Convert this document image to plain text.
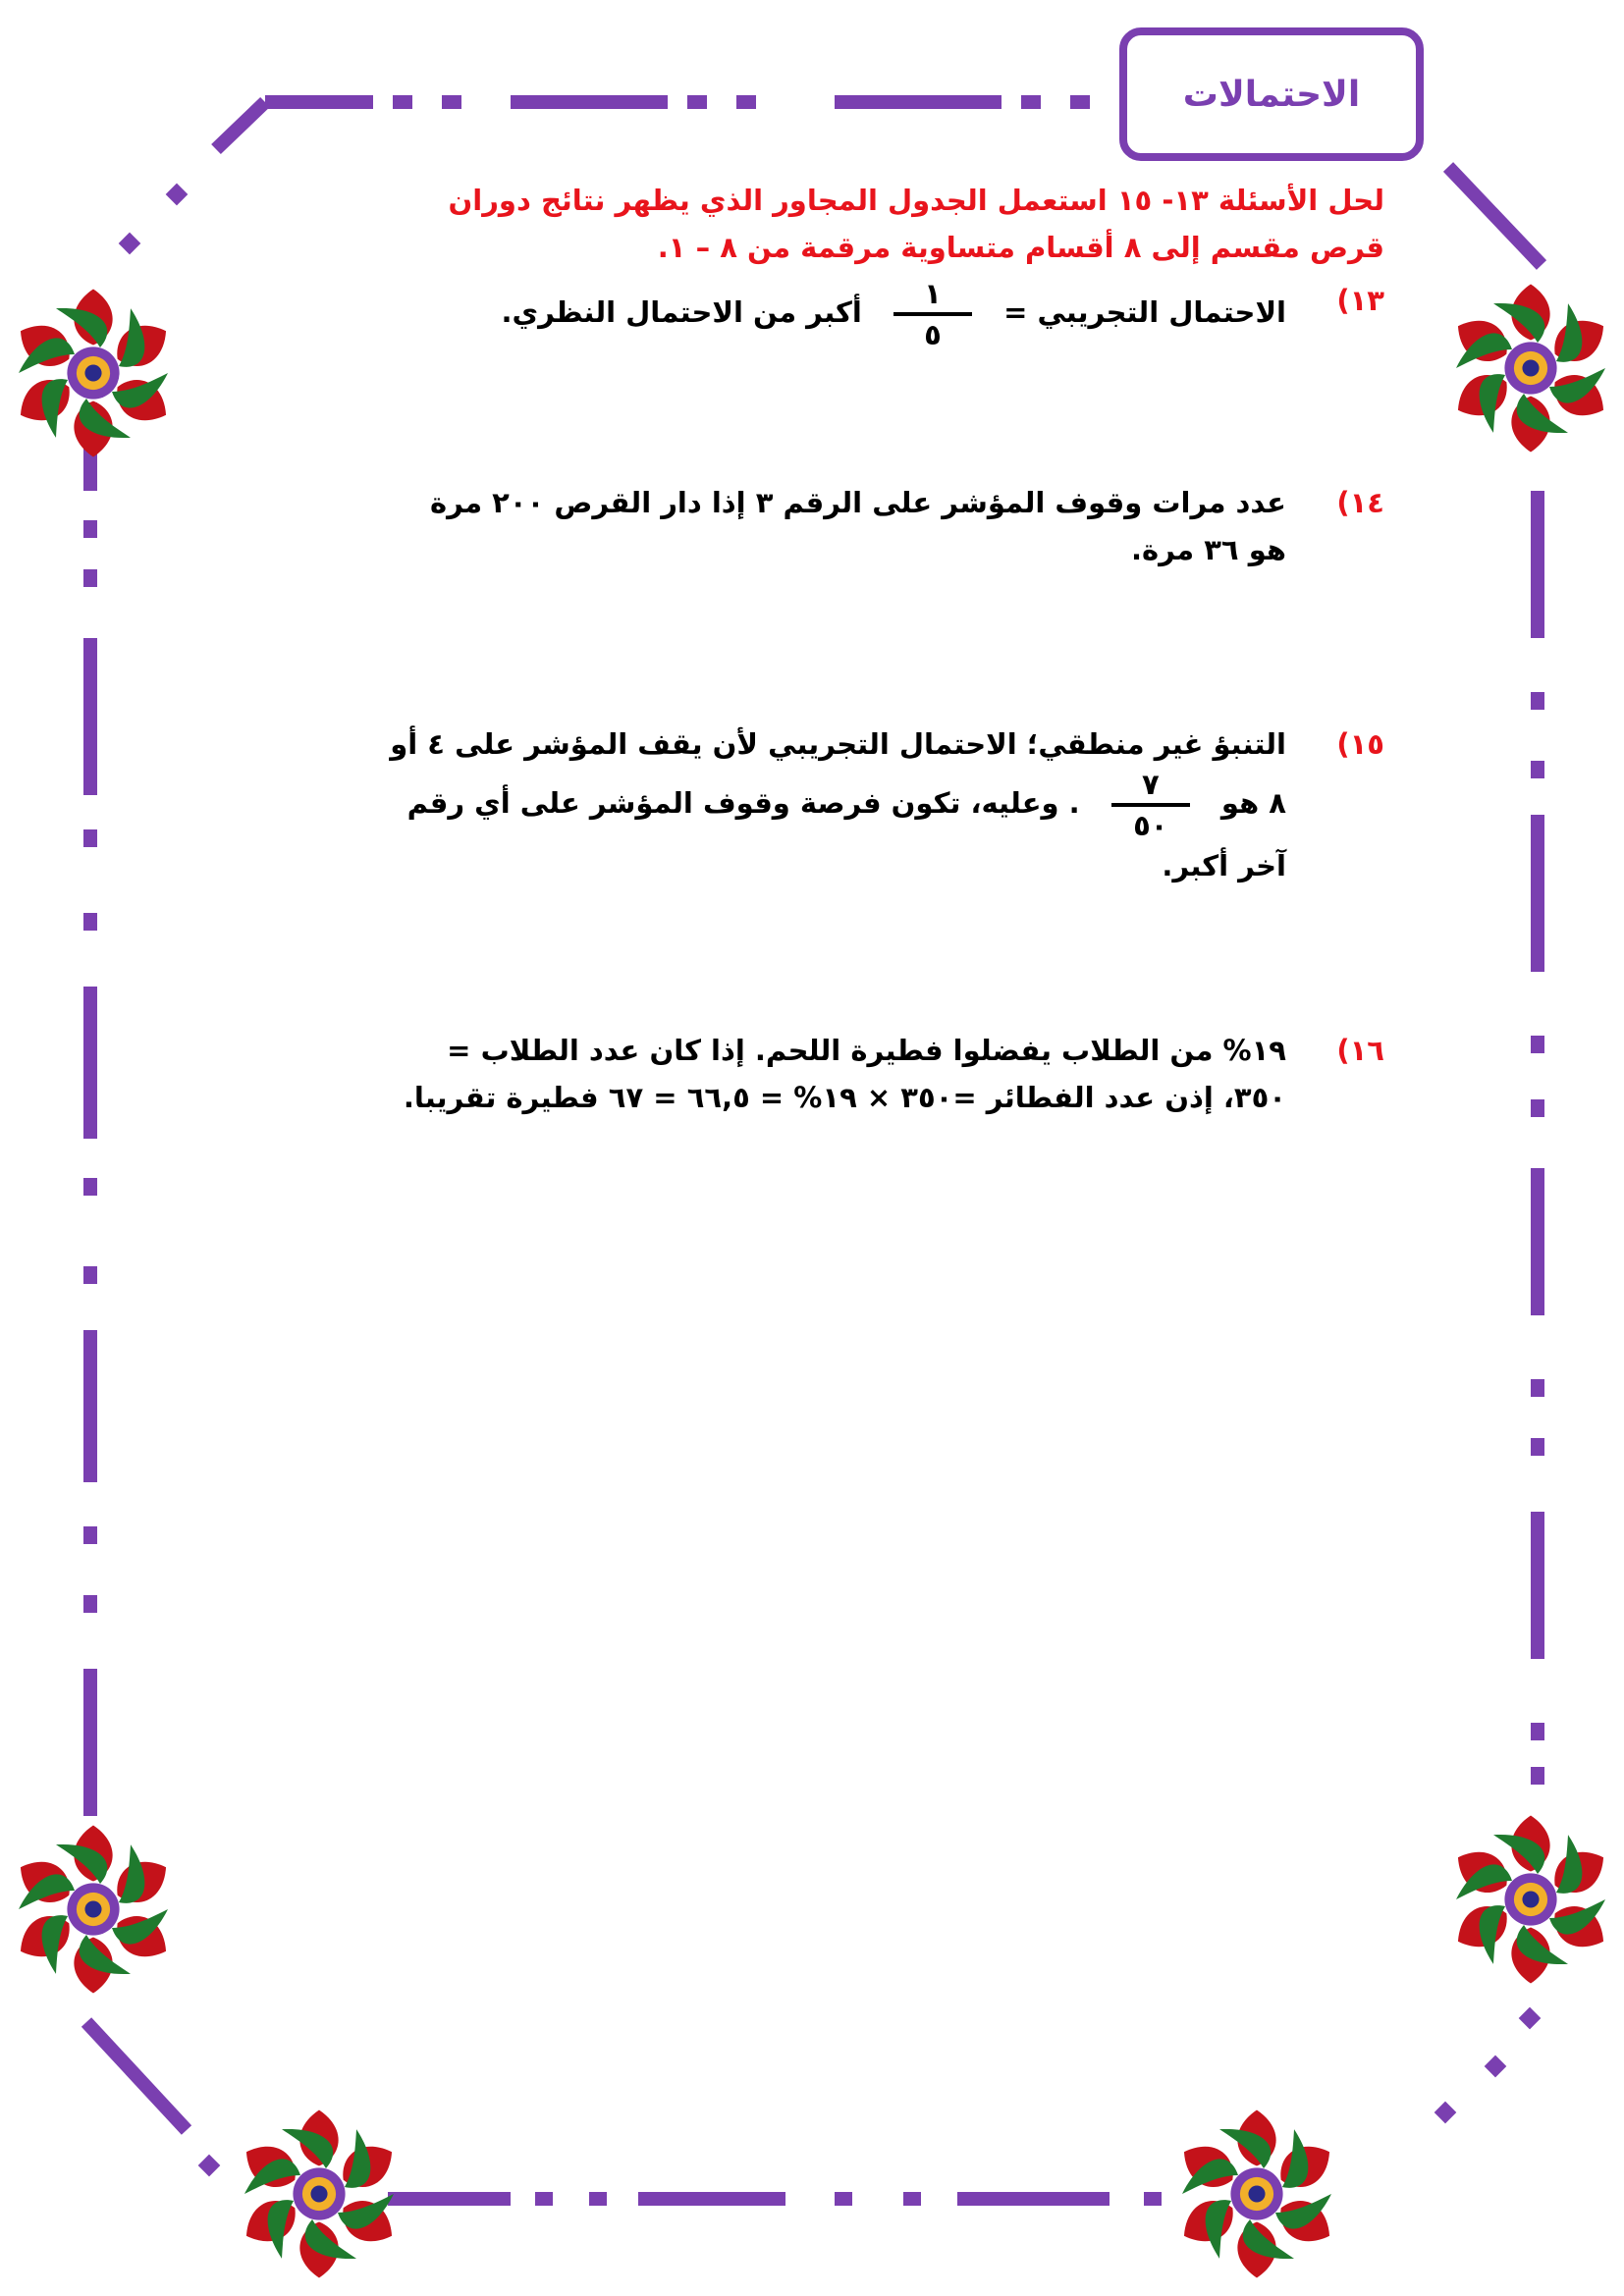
الاحتمالات
لحل الأسئلة ١٣- ١٥ استعمل الجدول المجاور الذي يظهر نتائج دوران
قرص مقسم إلى ٨ أقسام متساوية مرقمة من ٨ – ١.
١٣)
الاحتمال التجريبي =
$\frac{١}{٥}$
أكبر من الاحتمال النظري.
١٤)
عدد مرات وقوف المؤشر على الرقم ٣ إذا دار القرص ٢٠٠ مرة
هو ٣٦ مرة.
١٥)
التنبؤ غير منطقي؛ الاحتمال التجريبي لأن يقف المؤشر على ٤ أو
٨ هو
$\frac{٧}{٥٠}$
. وعليه، تكون فرصة وقوف المؤشر على أي رقم
آخر أكبر.
١٦)
١٩% من الطلاب يفضلوا فطيرة اللحم. إذا كان عدد الطلاب =
٣٥٠، إذن عدد الفطائر =٣٥٠ × ١٩% = ٦٦,٥ = ٦٧ فطيرة تقريبا.
